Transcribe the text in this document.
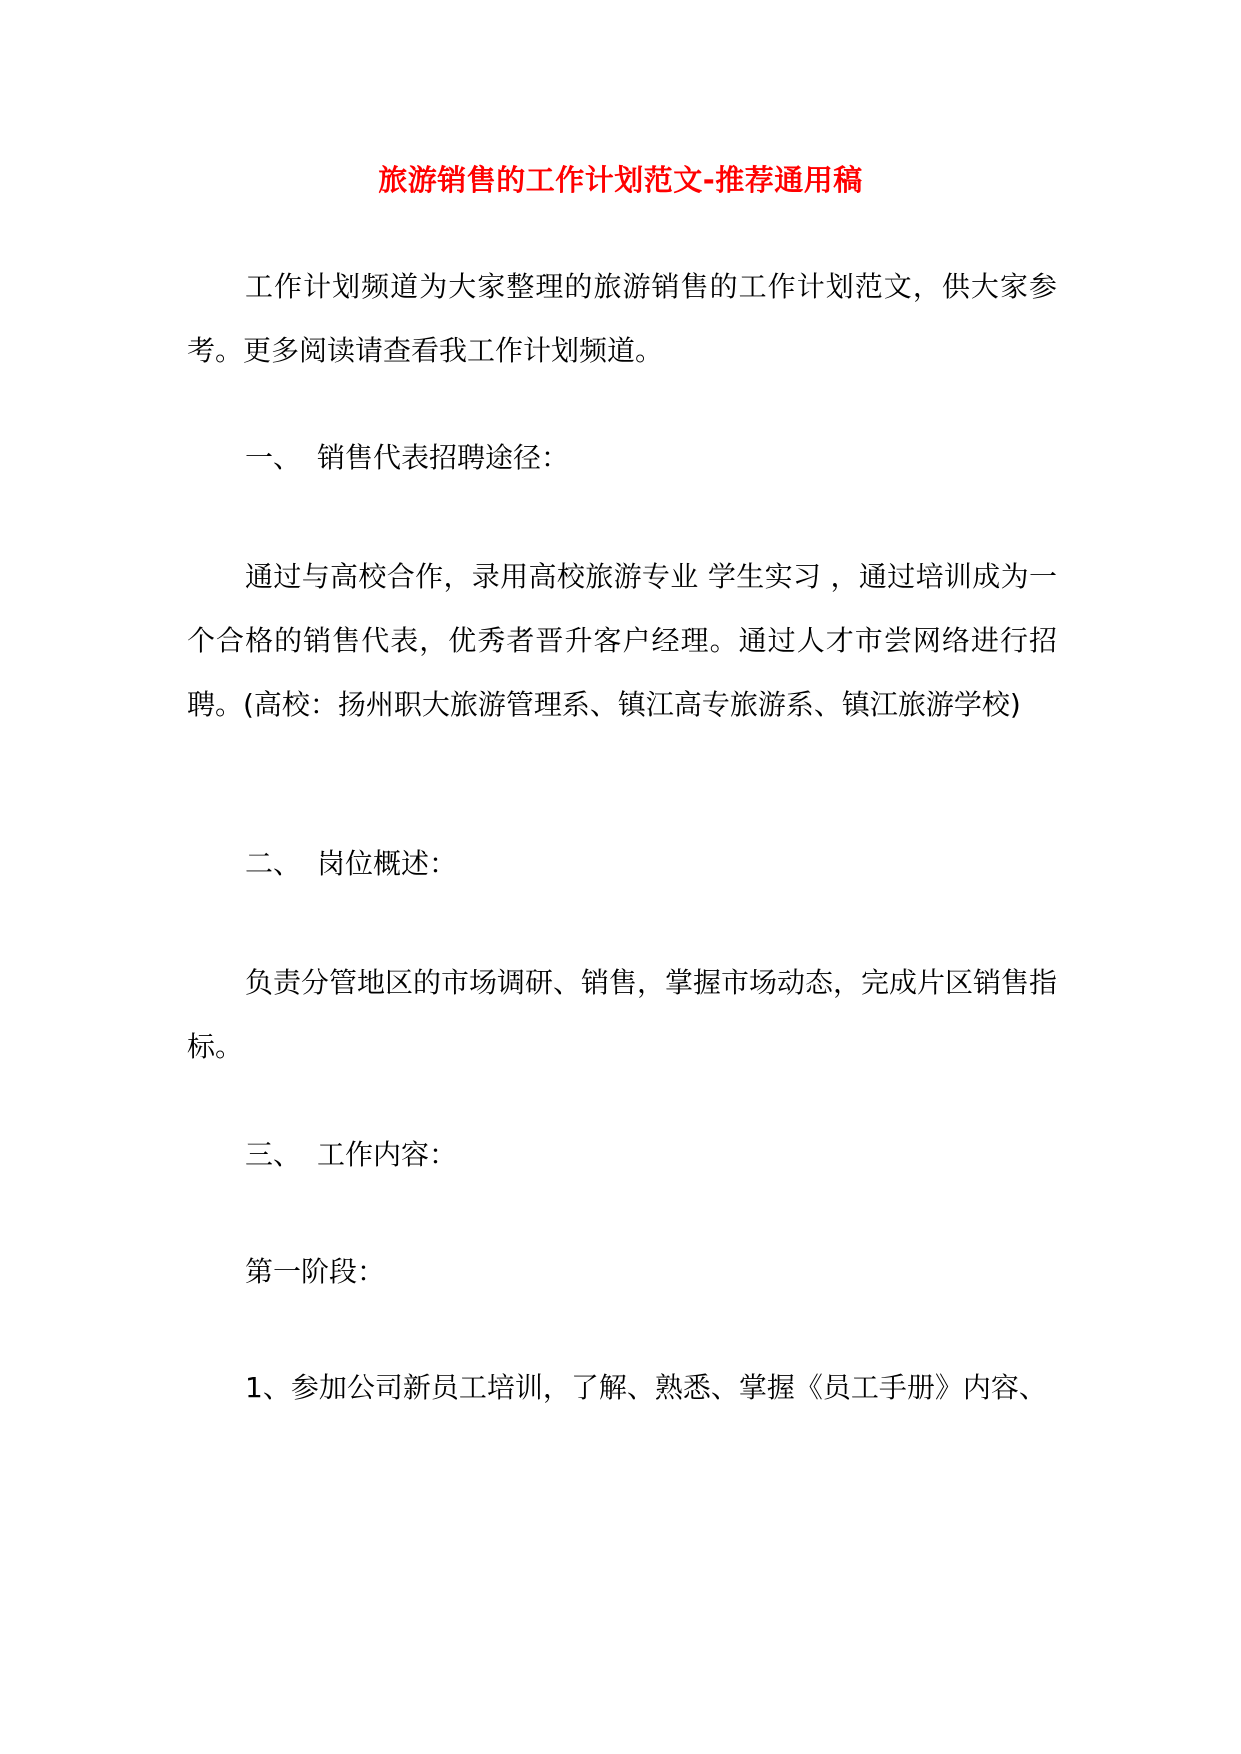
旅游销售的工作计划范文-推荐通用稿

工作计划频道为大家整理的旅游销售的工作计划范文，供大家参考。更多阅读请查看我工作计划频道。

一、 销售代表招聘途径：

通过与高校合作，录用高校旅游专业 学生实习 ，通过培训成为一个合格的销售代表，优秀者晋升客户经理。通过人才市尝网络进行招聘。(高校：扬州职大旅游管理系、镇江高专旅游系、镇江旅游学校)

二、 岗位概述：

负责分管地区的市场调研、销售，掌握市场动态，完成片区销售指标。

三、 工作内容：
第一阶段：
1、参加公司新员工培训，了解、熟悉、掌握《员工手册》内容、
